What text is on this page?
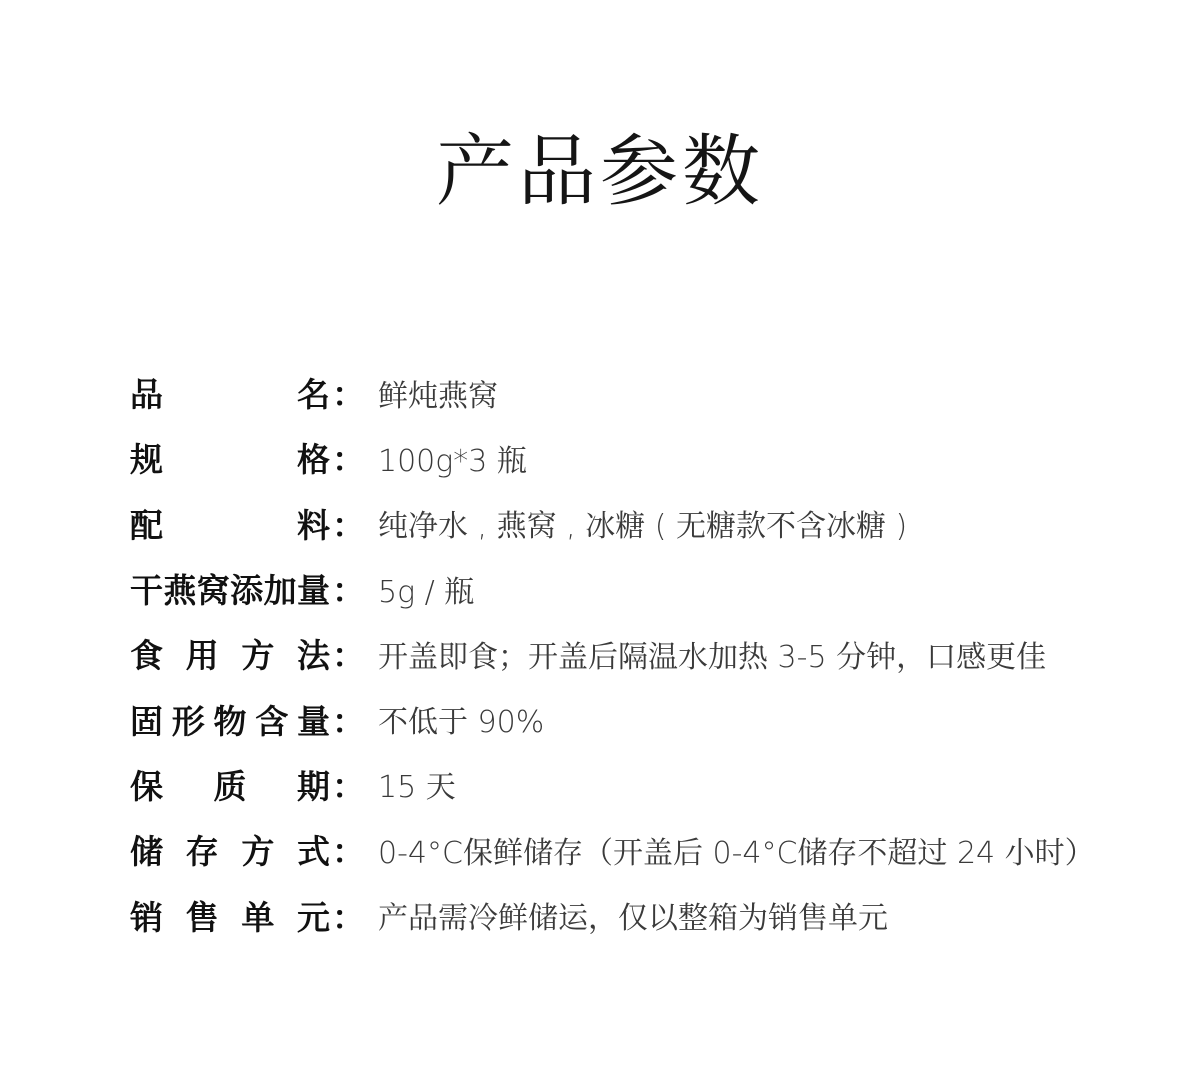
产品参数
品	名 ： 鲜炖燕窝
规	格 ： 100g*3 瓶
配	料 ： 纯净水 , 燕窝 , 冰糖 ( 无糖款不含冰糖 )
干 燕 窝 添 加 量 ： 5g / 瓶
食 用 方 法 ： 开盖即食；开盖后隔温水加热 3-5 分钟，口感更佳
固 形 物 含 量 ： 不低于 90%
保 质 期 ： 15 天
储 存 方 式 ： 0-4°C保鲜储存（开盖后 0-4°C储存不超过 24 小时）
销 售 单 元 ： 产品需冷鲜储运，仅以整箱为销售单元
